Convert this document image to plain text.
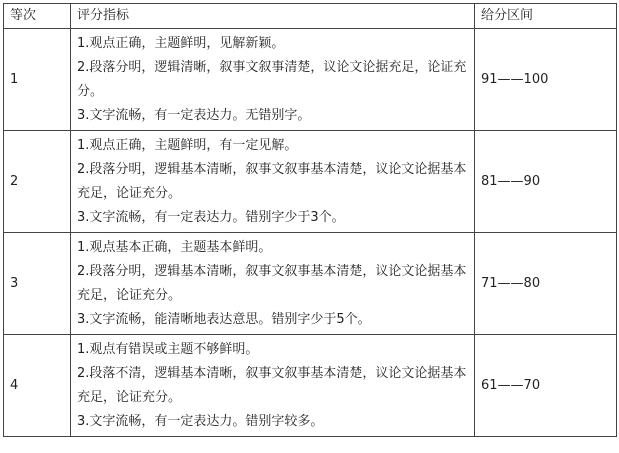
等次	评分指标	给分区间
1	1.观点正确，主题鲜明，见解新颖。
2.段落分明，逻辑清晰，叙事文叙事清楚，议论文论据充足，论证充分。
3.文字流畅，有一定表达力。无错别字。	91——100
2	1.观点正确，主题鲜明，有一定见解。
2.段落分明，逻辑基本清晰，叙事文叙事基本清楚，议论文论据基本充足，论证充分。
3.文字流畅，有一定表达力。错别字少于3个。	81——90
3	1.观点基本正确，主题基本鲜明。
2.段落分明，逻辑基本清晰，叙事文叙事基本清楚，议论文论据基本充足，论证充分。
3.文字流畅，能清晰地表达意思。错别字少于5个。	71——80
4	1.观点有错误或主题不够鲜明。
2.段落不清，逻辑基本清晰，叙事文叙事基本清楚，议论文论据基本充足，论证充分。
3.文字流畅，有一定表达力。错别字较多。	61——70
